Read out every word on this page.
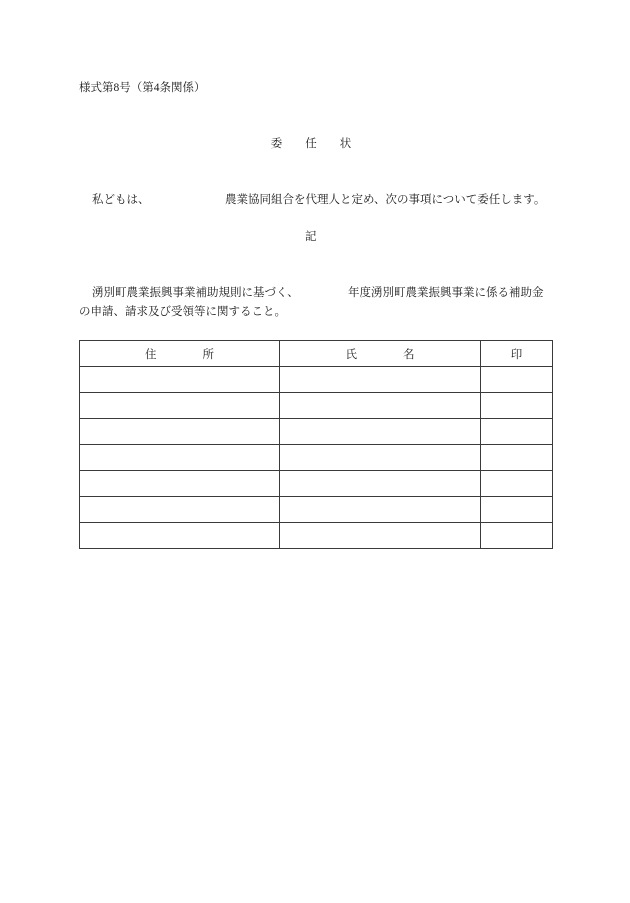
様式第8号（第4条関係）
委　　任　　状
私どもは、	農業協同組合を代理人と定め、次の事項について委任します。
記
湧別町農業振興事業補助規則に基づく、	年度湧別町農業振興事業に係る補助金
の申請、請求及び受領等に関すること。
住　　　　所	氏　　　　名	印
